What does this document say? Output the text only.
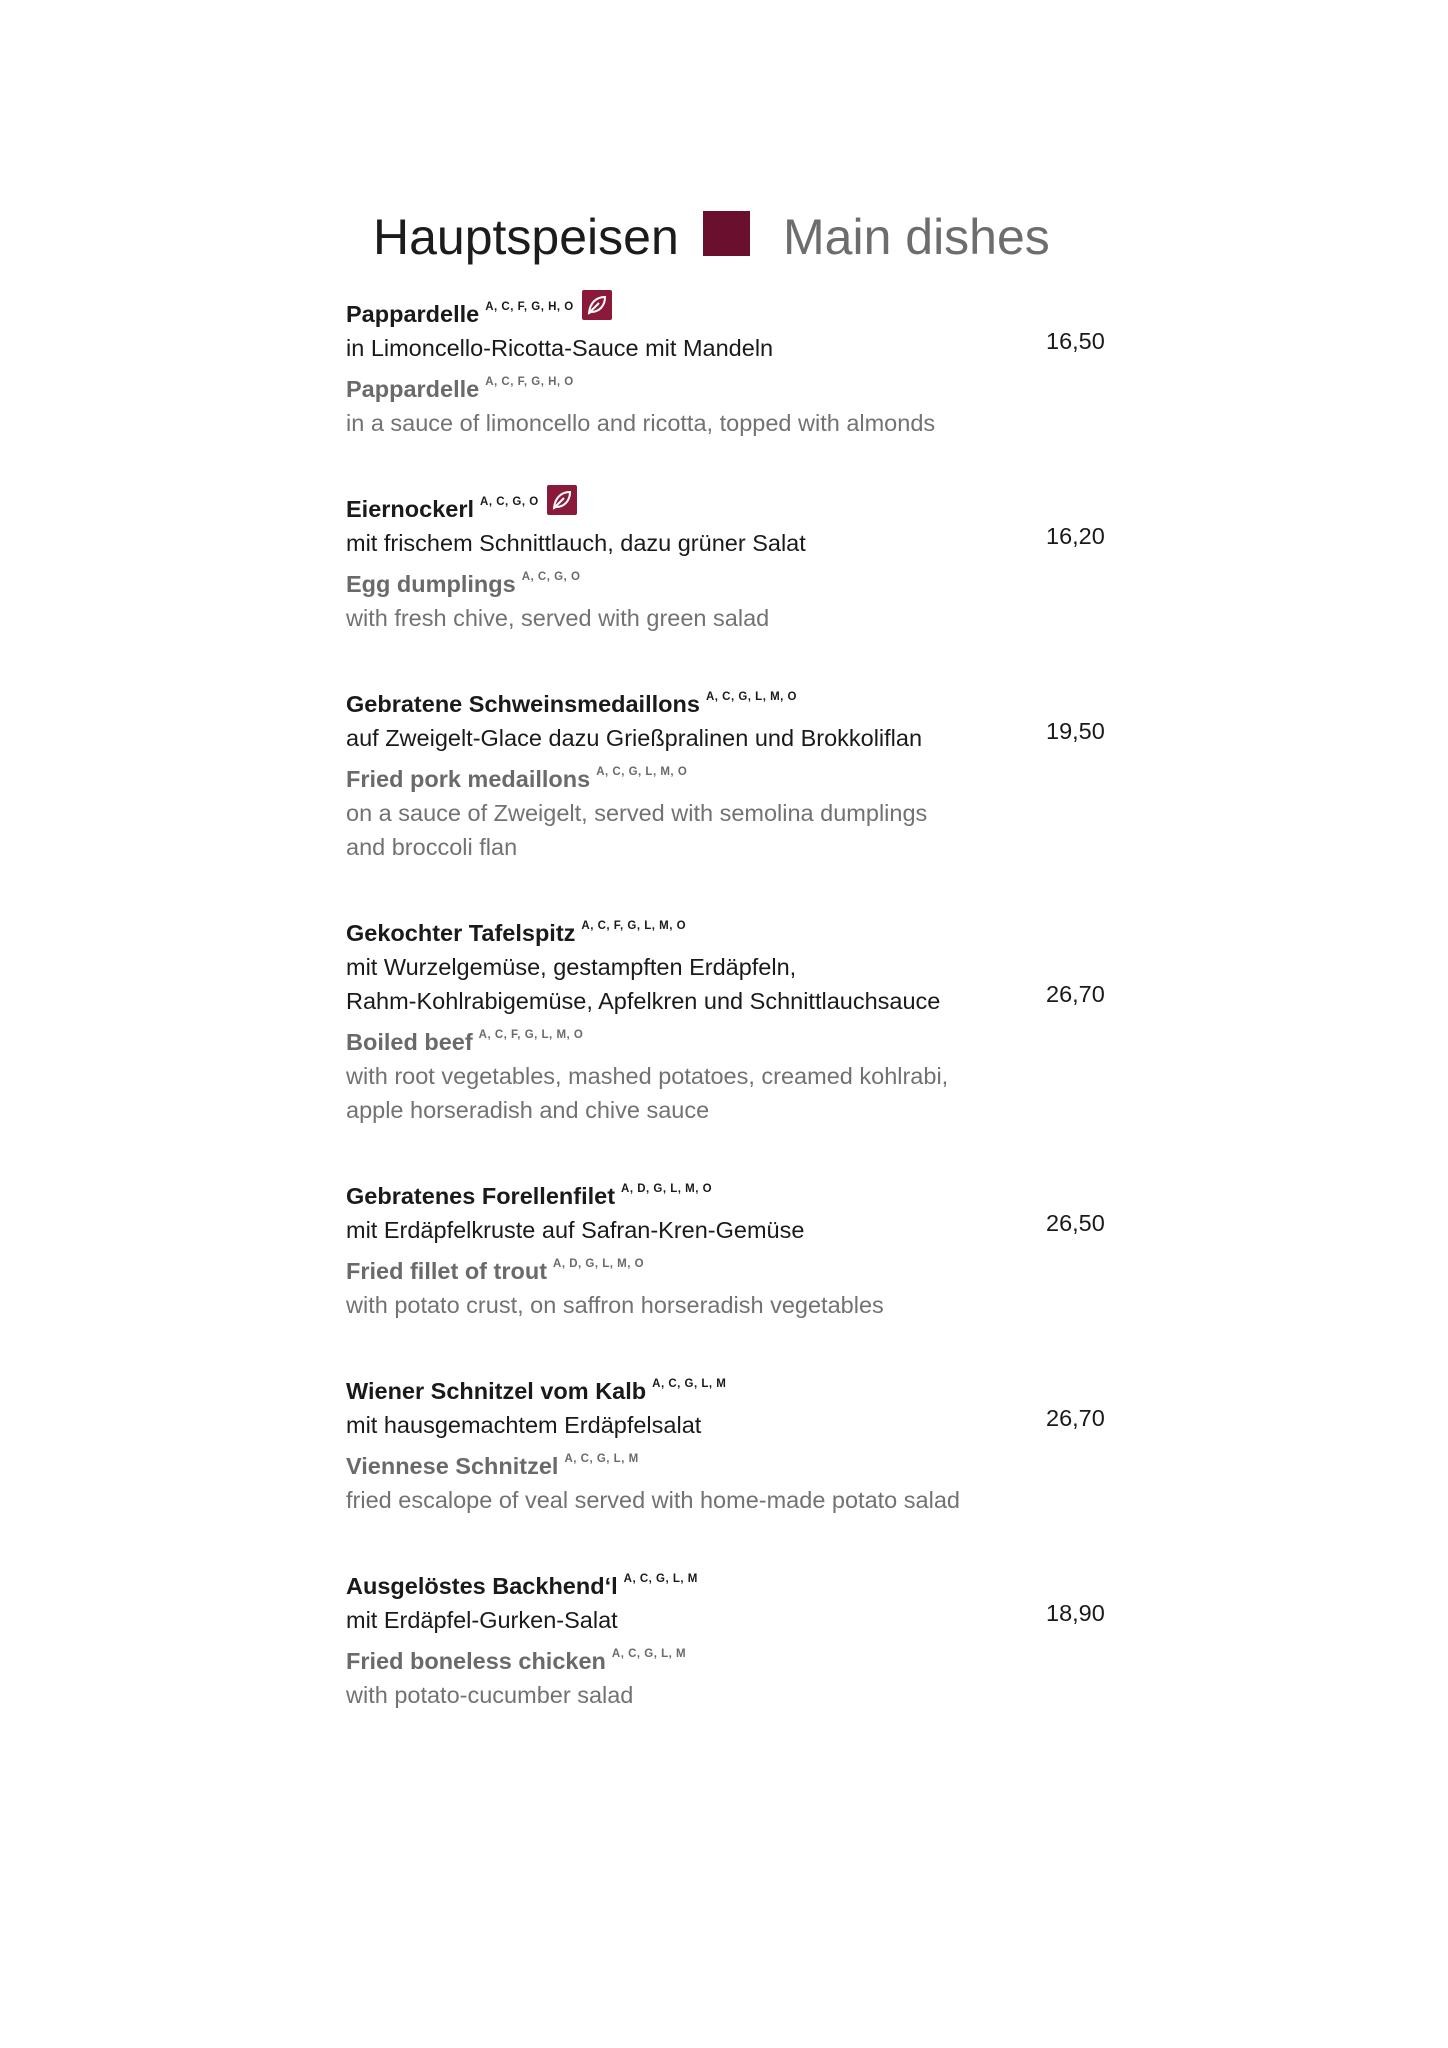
Hauptspeisen Main dishes
Pappardelle $^{A, C, F, G, H, O}$
in Limoncello-Ricotta-Sauce mit Mandeln
Pappardelle $^{A, C, F, G, H, O}$
in a sauce of limoncello and ricotta, topped with almonds
16,50
Eiernockerl $^{A, C, G, O}$
mit frischem Schnittlauch, dazu grüner Salat
Egg dumplings $^{A, C, G, O}$
with fresh chive, served with green salad
16,20
Gebratene Schweinsmedaillons $^{A, C, G, L, M, O}$
auf Zweigelt-Glace dazu Grießpralinen und Brokkoliflan
Fried pork medaillons $^{A, C, G, L, M, O}$
on a sauce of Zweigelt, served with semolina dumplings
and broccoli flan
19,50
Gekochter Tafelspitz $^{A, C, F, G, L, M, O}$
mit Wurzelgemüse, gestampften Erdäpfeln,
Rahm-Kohlrabigemüse, Apfelkren und Schnittlauchsauce
Boiled beef $^{A, C, F, G, L, M, O}$
with root vegetables, mashed potatoes, creamed kohlrabi,
apple horseradish and chive sauce
26,70
Gebratenes Forellenfilet $^{A, D, G, L, M, O}$
mit Erdäpfelkruste auf Safran-Kren-Gemüse
Fried fillet of trout $^{A, D, G, L, M, O}$
with potato crust, on saffron horseradish vegetables
26,50
Wiener Schnitzel vom Kalb $^{A, C, G, L, M}$
mit hausgemachtem Erdäpfelsalat
Viennese Schnitzel $^{A, C, G, L, M}$
fried escalope of veal served with home-made potato salad
26,70
Ausgelöstes Backhend‘l $^{A, C, G, L, M}$
mit Erdäpfel-Gurken-Salat
Fried boneless chicken $^{A, C, G, L, M}$
with potato-cucumber salad
18,90
